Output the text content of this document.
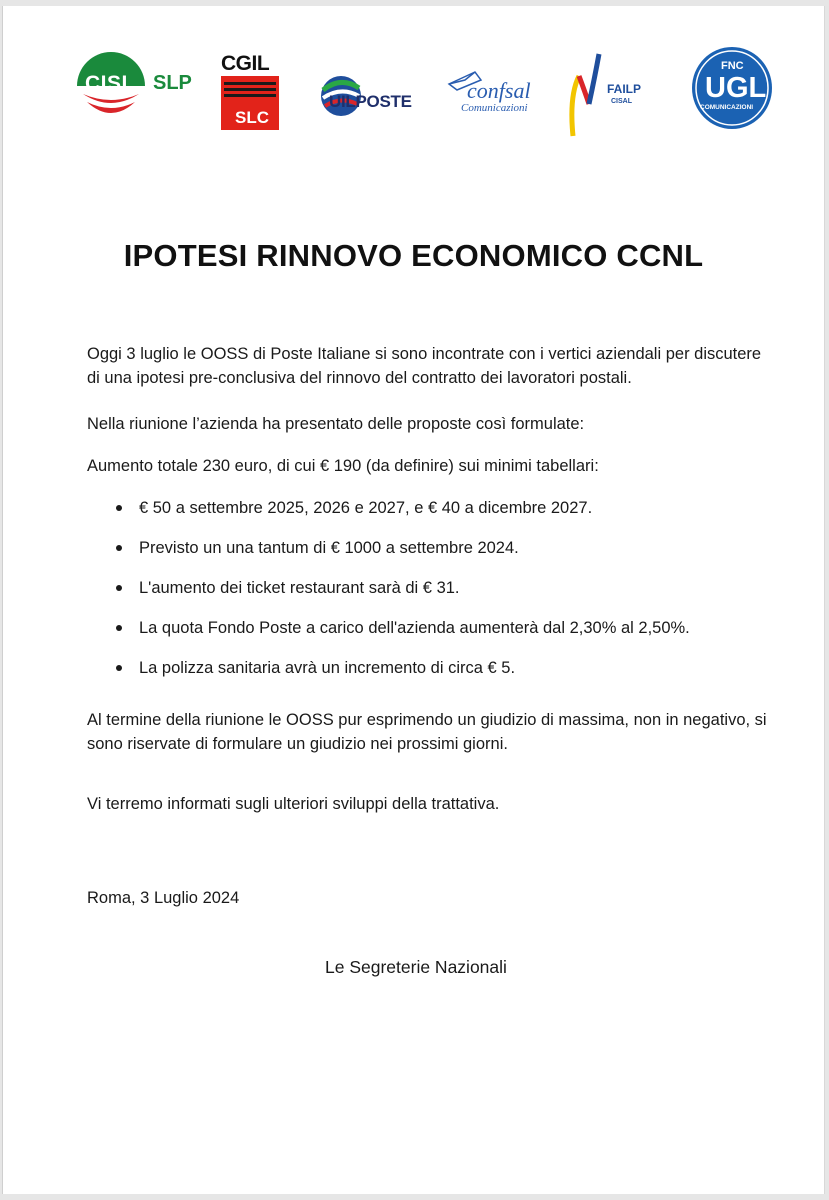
CISL SLP
CGIL
SLC
UILPOSTE	confsal
Comunicazioni
FAILP
CISAL
FNC
UGL
COMUNICAZIONI
IPOTESI RINNOVO ECONOMICO CCNL

Oggi 3 luglio le OOSS di Poste Italiane si sono incontrate con i vertici aziendali per discutere di una ipotesi pre-conclusiva del rinnovo del contratto dei lavoratori postali.

Nella riunione l’azienda ha presentato delle proposte così formulate:

Aumento totale 230 euro, di cui € 190 (da definire) sui minimi tabellari:

€ 50 a settembre 2025, 2026 e 2027, e € 40 a dicembre 2027.
Previsto un una tantum di € 1000 a settembre 2024.
L'aumento dei ticket restaurant sarà di € 31.
La quota Fondo Poste a carico dell'azienda aumenterà dal 2,30% al 2,50%.
La polizza sanitaria avrà un incremento di circa € 5.

Al termine della riunione le OOSS pur esprimendo un giudizio di massima, non in negativo, si sono riservate di formulare un giudizio nei prossimi giorni.

Vi terremo informati sugli ulteriori sviluppi della trattativa.

Roma, 3 Luglio 2024

Le Segreterie Nazionali
